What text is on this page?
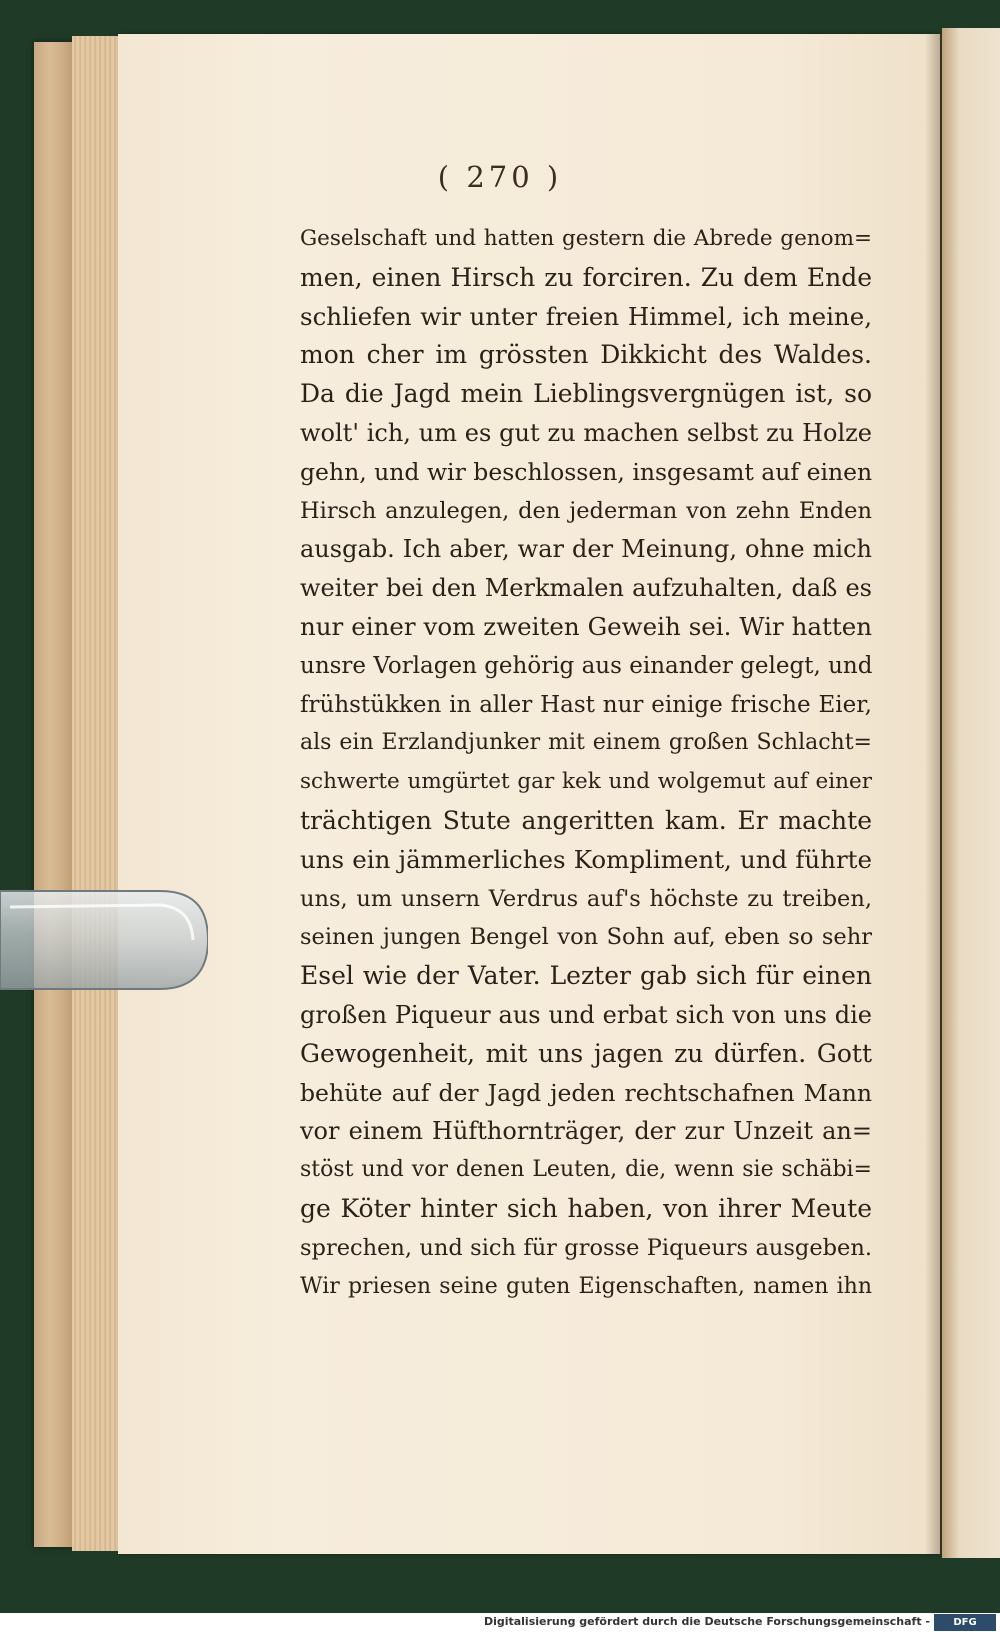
( 270 )
Geselschaft und hatten gestern die Abrede genom=
men, einen Hirsch zu forciren. Zu dem Ende
schliefen wir unter freien Himmel, ich meine,
mon cher im grössten Dikkicht des Waldes.
Da die Jagd mein Lieblingsvergnügen ist, so
wolt' ich, um es gut zu machen selbst zu Holze
gehn, und wir beschlossen, insgesamt auf einen
Hirsch anzulegen, den jederman von zehn Enden
ausgab. Ich aber, war der Meinung, ohne mich
weiter bei den Merkmalen aufzuhalten, daß es
nur einer vom zweiten Geweih sei. Wir hatten
unsre Vorlagen gehörig aus einander gelegt, und
frühstükken in aller Hast nur einige frische Eier,
als ein Erzlandjunker mit einem großen Schlacht=
schwerte umgürtet gar kek und wolgemut auf einer
trächtigen Stute angeritten kam. Er machte
uns ein jämmerliches Kompliment, und führte
uns, um unsern Verdrus auf's höchste zu treiben,
seinen jungen Bengel von Sohn auf, eben so sehr
Esel wie der Vater. Lezter gab sich für einen
großen Piqueur aus und erbat sich von uns die
Gewogenheit, mit uns jagen zu dürfen. Gott
behüte auf der Jagd jeden rechtschafnen Mann
vor einem Hüfthornträger, der zur Unzeit an=
stöst und vor denen Leuten, die, wenn sie schäbi=
ge Köter hinter sich haben, von ihrer Meute
sprechen, und sich für grosse Piqueurs ausgeben.
Wir priesen seine guten Eigenschaften, namen ihn
Digitalisierung gefördert durch die Deutsche Forschungsgemeinschaft -	DFG
